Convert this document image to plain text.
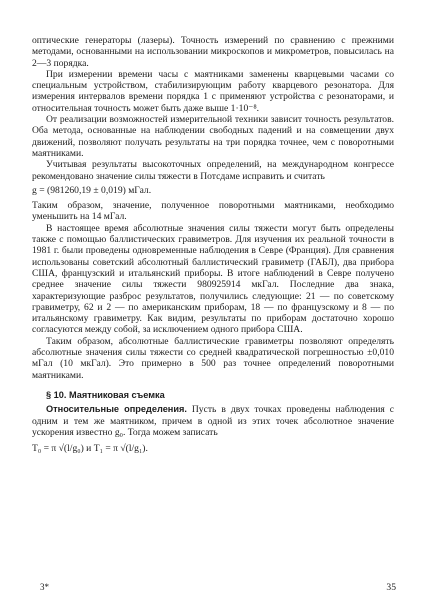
оптические генераторы (лазеры). Точность измерений по сравнению с прежними методами, основанными на использовании микроскопов и микрометров, повысилась на 2—3 порядка.

При измерении времени часы с маятниками заменены кварцевыми часами со специальным устройством, стабилизирующим работу кварцевого резонатора. Для измерения интервалов времени порядка 1 с применяют устройства с резонаторами, и относительная точность может быть даже выше 1·10⁻⁸.

От реализации возможностей измерительной техники зависит точность результатов. Оба метода, основанные на наблюдении свободных падений и на совмещении двух движений, позволяют получать результаты на три порядка точнее, чем с поворотными маятниками.

Учитывая результаты высокоточных определений, на международном конгрессе рекомендовано значение силы тяжести в Потсдаме исправить и считать

g = (981260,19 ± 0,019) мГал.

Таким образом, значение, полученное поворотными маятниками, необходимо уменьшить на 14 мГал.

В настоящее время абсолютные значения силы тяжести могут быть определены также с помощью баллистических гравиметров. Для изучения их реальной точности в 1981 г. были проведены одновременные наблюдения в Севре (Франция). Для сравнения использованы советский абсолютный баллистический гравиметр (ГАБЛ), два прибора США, французский и итальянский приборы. В итоге наблюдений в Севре получено среднее значение силы тяжести 980925914 мкГал. Последние два знака, характеризующие разброс результатов, получились следующие: 21 — по советскому гравиметру, 62 и 2 — по американским приборам, 18 — по французскому и 8 — по итальянскому гравиметру. Как видим, результаты по приборам достаточно хорошо согласуются между собой, за исключением одного прибора США.

Таким образом, абсолютные баллистические гравиметры позволяют определять абсолютные значения силы тяжести со средней квадратической погрешностью ±0,010 мГал (10 мкГал). Это примерно в 500 раз точнее определений поворотными маятниками.

§ 10. Маятниковая съемка

Относительные определения. Пусть в двух точках проведены наблюдения с одним и тем же маятником, причем в одной из этих точек абсолютное значение ускорения известно g₀. Тогда можем записать

T₀ = π √(l/g₀) и T₁ = π √(l/g₁).

3*	35
